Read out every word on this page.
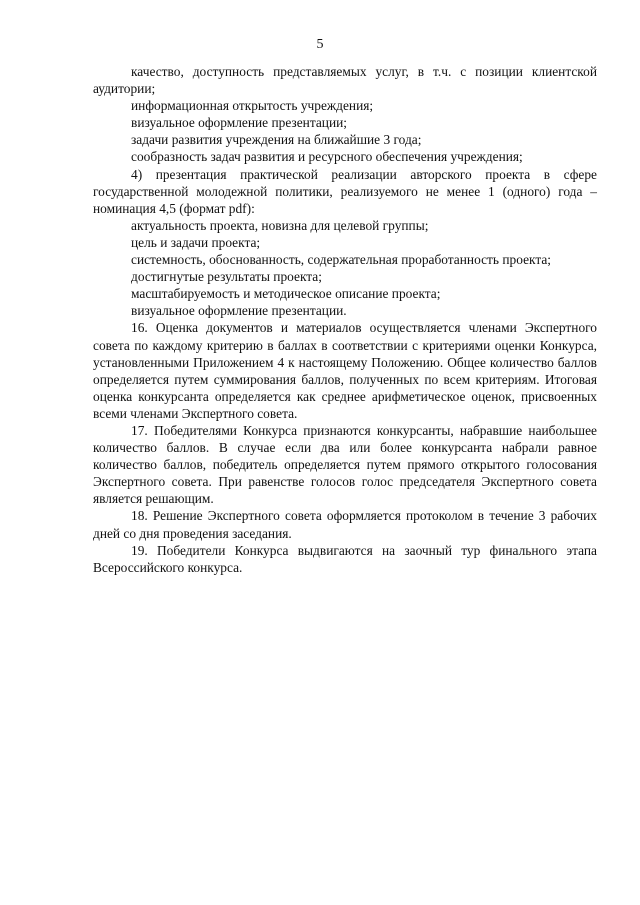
5

качество, доступность представляемых услуг, в т.ч. с позиции клиентской аудитории;

информационная открытость учреждения;

визуальное оформление презентации;

задачи развития учреждения на ближайшие 3 года;

сообразность задач развития и ресурсного обеспечения учреждения;

4) презентация практической реализации авторского проекта в сфере государственной молодежной политики, реализуемого не менее 1 (одного) года – номинация 4,5 (формат pdf):

актуальность проекта, новизна для целевой группы;

цель и задачи проекта;

системность, обоснованность, содержательная проработанность проекта;

достигнутые результаты проекта;

масштабируемость и методическое описание проекта;

визуальное оформление презентации.

16. Оценка документов и материалов осуществляется членами Экспертного совета по каждому критерию в баллах в соответствии с критериями оценки Конкурса, установленными Приложением 4 к настоящему Положению. Общее количество баллов определяется путем суммирования баллов, полученных по всем критериям. Итоговая оценка конкурсанта определяется как среднее арифметическое оценок, присвоенных всеми членами Экспертного совета.

17. Победителями Конкурса признаются конкурсанты, набравшие наибольшее количество баллов. В случае если два или более конкурсанта набрали равное количество баллов, победитель определяется путем прямого открытого голосования Экспертного совета. При равенстве голосов голос председателя Экспертного совета является решающим.

18. Решение Экспертного совета оформляется протоколом в течение 3 рабочих дней со дня проведения заседания.

19. Победители Конкурса выдвигаются на заочный тур финального этапа Всероссийского конкурса.
